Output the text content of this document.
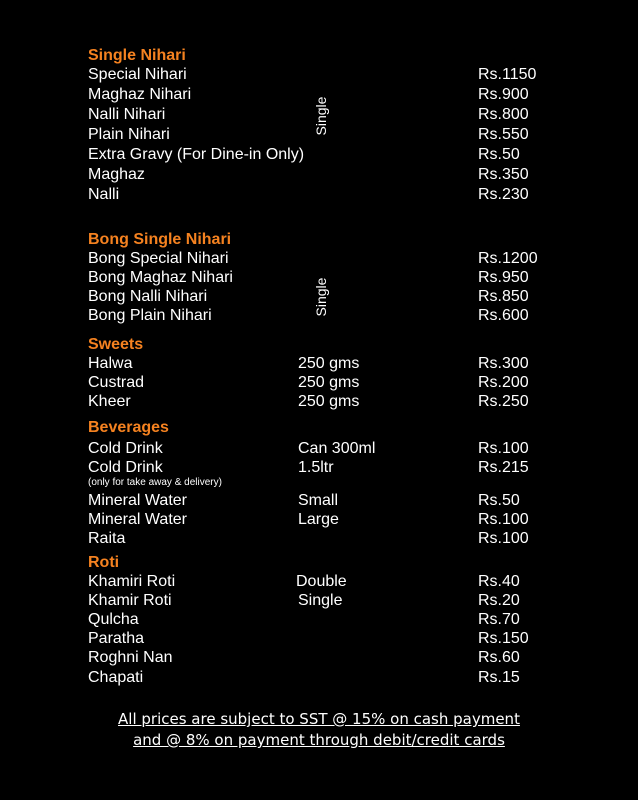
Single Nihari
Special Nihari	Rs.1150
Maghaz Nihari	Rs.900
Nalli Nihari	Rs.800
Plain Nihari	Rs.550
Extra Gravy (For Dine-in Only)	Rs.50
Maghaz	Rs.350
Nalli	Rs.230
Single
Bong Single Nihari
Bong Special Nihari	Rs.1200
Bong Maghaz Nihari	Rs.950
Bong Nalli Nihari	Rs.850
Bong Plain Nihari	Rs.600
Single
Sweets
Halwa	250 gms	Rs.300
Custrad	250 gms	Rs.200
Kheer	250 gms	Rs.250
Beverages
Cold Drink	Can 300ml	Rs.100
Cold Drink	1.5ltr	Rs.215
(only for take away & delivery)
Mineral Water	Small	Rs.50
Mineral Water	Large	Rs.100
Raita	Rs.100
Roti
Khamiri Roti	Double	Rs.40
Khamir Roti	Single	Rs.20
Qulcha	Rs.70
Paratha	Rs.150
Roghni Nan	Rs.60
Chapati	Rs.15
All prices are subject to SST @ 15% on cash payment
and @ 8% on payment through debit/credit cards
